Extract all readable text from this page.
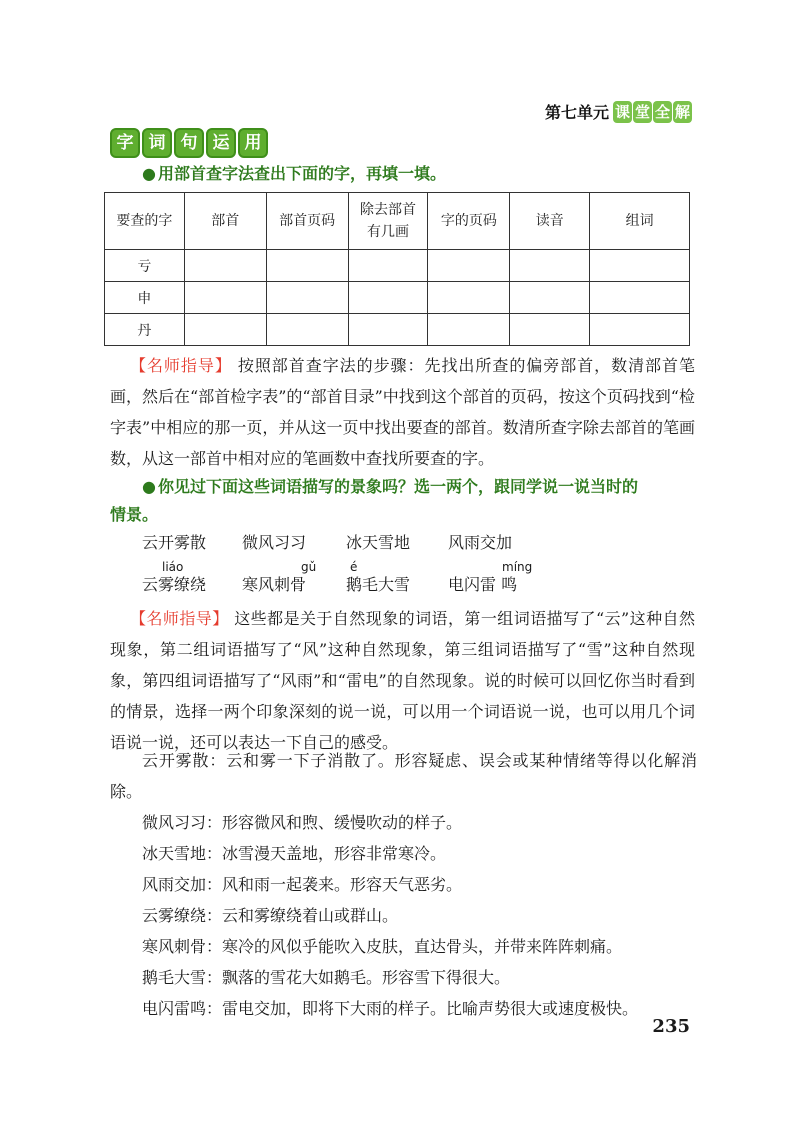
第七单元 课 堂 全 解
字 词 句 运 用
● 用部首查字法查出下面的字，再填一填。
要查的字	部首	部首页码	除去部首有几画	字的页码	读音	组词
亏						
申						
丹						
【名师指导】 按照部首查字法的步骤：先找出所查的偏旁部首，数清部首笔画，然后在“部首检字表”的“部首目录”中找到这个部首的页码，按这个页码找到“检字表”中相应的那一页，并从这一页中找出要查的部首。数清所查字除去部首的笔画数，从这一部首中相对应的笔画数中查找所要查的字。
● 你见过下面这些词语描写的景象吗？选一两个，跟同学说一说当时的
情景。
云开雾散 微风习习 冰天雪地 风雨交加
liáo	gǔ	é	míng
云雾缭绕 寒风刺骨 鹅毛大雪 电闪雷 鸣
【名师指导】 这些都是关于自然现象的词语，第一组词语描写了“云”这种自然现象，第二组词语描写了“风”这种自然现象，第三组词语描写了“雪”这种自然现象，第四组词语描写了“风雨”和“雷电”的自然现象。说的时候可以回忆你当时看到的情景，选择一两个印象深刻的说一说，可以用一个词语说一说，也可以用几个词语说一说，还可以表达一下自己的感受。
云开雾散：云和雾一下子消散了。形容疑虑、误会或某种情绪等得以化解消除。
微风习习：形容微风和煦、缓慢吹动的样子。
冰天雪地：冰雪漫天盖地，形容非常寒冷。
风雨交加：风和雨一起袭来。形容天气恶劣。
云雾缭绕：云和雾缭绕着山或群山。
寒风刺骨：寒冷的风似乎能吹入皮肤，直达骨头，并带来阵阵刺痛。
鹅毛大雪：飘落的雪花大如鹅毛。形容雪下得很大。
电闪雷鸣：雷电交加，即将下大雨的样子。比喻声势很大或速度极快。
235
